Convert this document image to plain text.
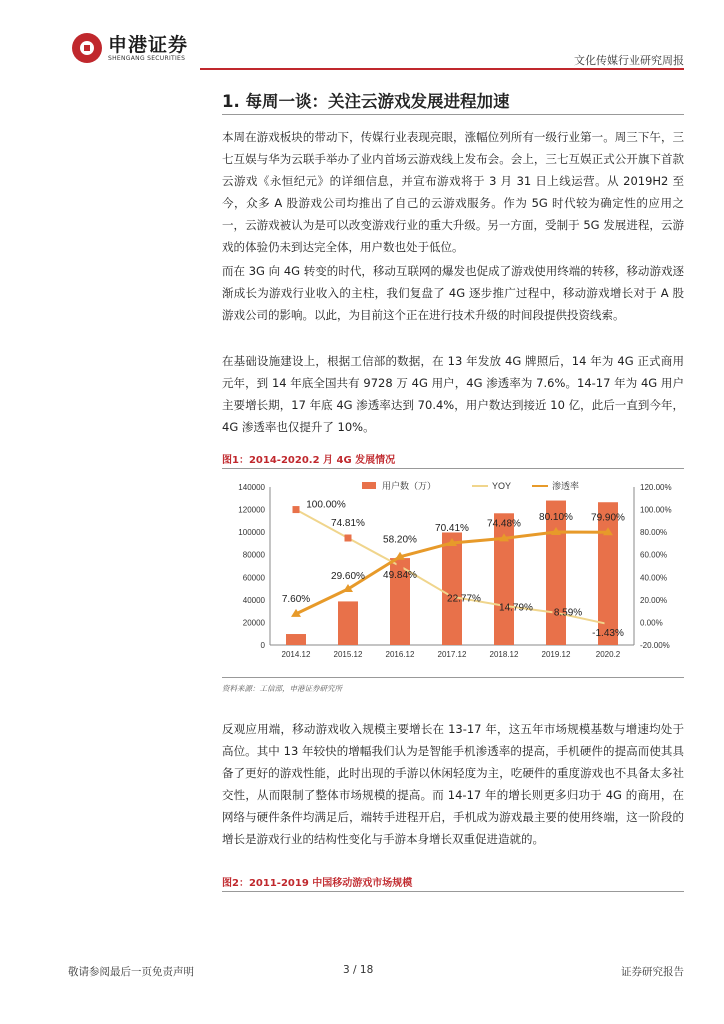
申港证券
SHENGANG SECURITIES	文化传媒行业研究周报
1. 每周一谈：关注云游戏发展进程加速
本周在游戏板块的带动下，传媒行业表现亮眼，涨幅位列所有一级行业第一。周三下午，三七互娱与华为云联手举办了业内首场云游戏线上发布会。会上，三七互娱正式公开旗下首款云游戏《永恒纪元》的详细信息，并宣布游戏将于 3 月 31 日上线运营。从 2019H2 至今，众多 A 股游戏公司均推出了自己的云游戏服务。作为 5G 时代较为确定性的应用之一，云游戏被认为是可以改变游戏行业的重大升级。另一方面，受制于 5G 发展进程，云游戏的体验仍未到达完全体，用户数也处于低位。
而在 3G 向 4G 转变的时代，移动互联网的爆发也促成了游戏使用终端的转移，移动游戏逐渐成长为游戏行业收入的主柱，我们复盘了 4G 逐步推广过程中，移动游戏增长对于 A 股游戏公司的影响。以此，为目前这个正在进行技术升级的时间段提供投资线索。
在基础设施建设上，根据工信部的数据，在 13 年发放 4G 牌照后，14 年为 4G 正式商用元年，到 14 年底全国共有 9728 万 4G 用户，4G 渗透率为 7.6%。14-17 年为 4G 用户主要增长期，17 年底 4G 渗透率达到 70.4%，用户数达到接近 10 亿，此后一直到今年，4G 渗透率也仅提升了 10%。
图1：2014-2020.2 月 4G 发展情况
0
20000
40000
60000
80000
100000
120000
140000
-20.00%
0.00%
20.00%
40.00%
60.00%
80.00%
100.00%
120.00%
2014.12	2015.12	2016.12	2017.12	2018.12	2019.12	2020.2
100.00%
74.81%
49.84%
22.77%
14.79% 8.59%
-1.43%
7.60%
29.60%
58.20%
70.41% 74.48%
80.10% 79.90%
用户数（万）	YOY	渗透率
资料来源：工信部，申港证券研究所
反观应用端，移动游戏收入规模主要增长在 13-17 年，这五年市场规模基数与增速均处于高位。其中 13 年较快的增幅我们认为是智能手机渗透率的提高，手机硬件的提高而使其具备了更好的游戏性能，此时出现的手游以休闲轻度为主，吃硬件的重度游戏也不具备太多社交性，从而限制了整体市场规模的提高。而 14-17 年的增长则更多归功于 4G 的商用，在网络与硬件条件均满足后，端转手进程开启，手机成为游戏最主要的使用终端，这一阶段的增长是游戏行业的结构性变化与手游本身增长双重促进造就的。
图2：2011-2019 中国移动游戏市场规模
敬请参阅最后一页免责声明	3 / 18	证券研究报告
